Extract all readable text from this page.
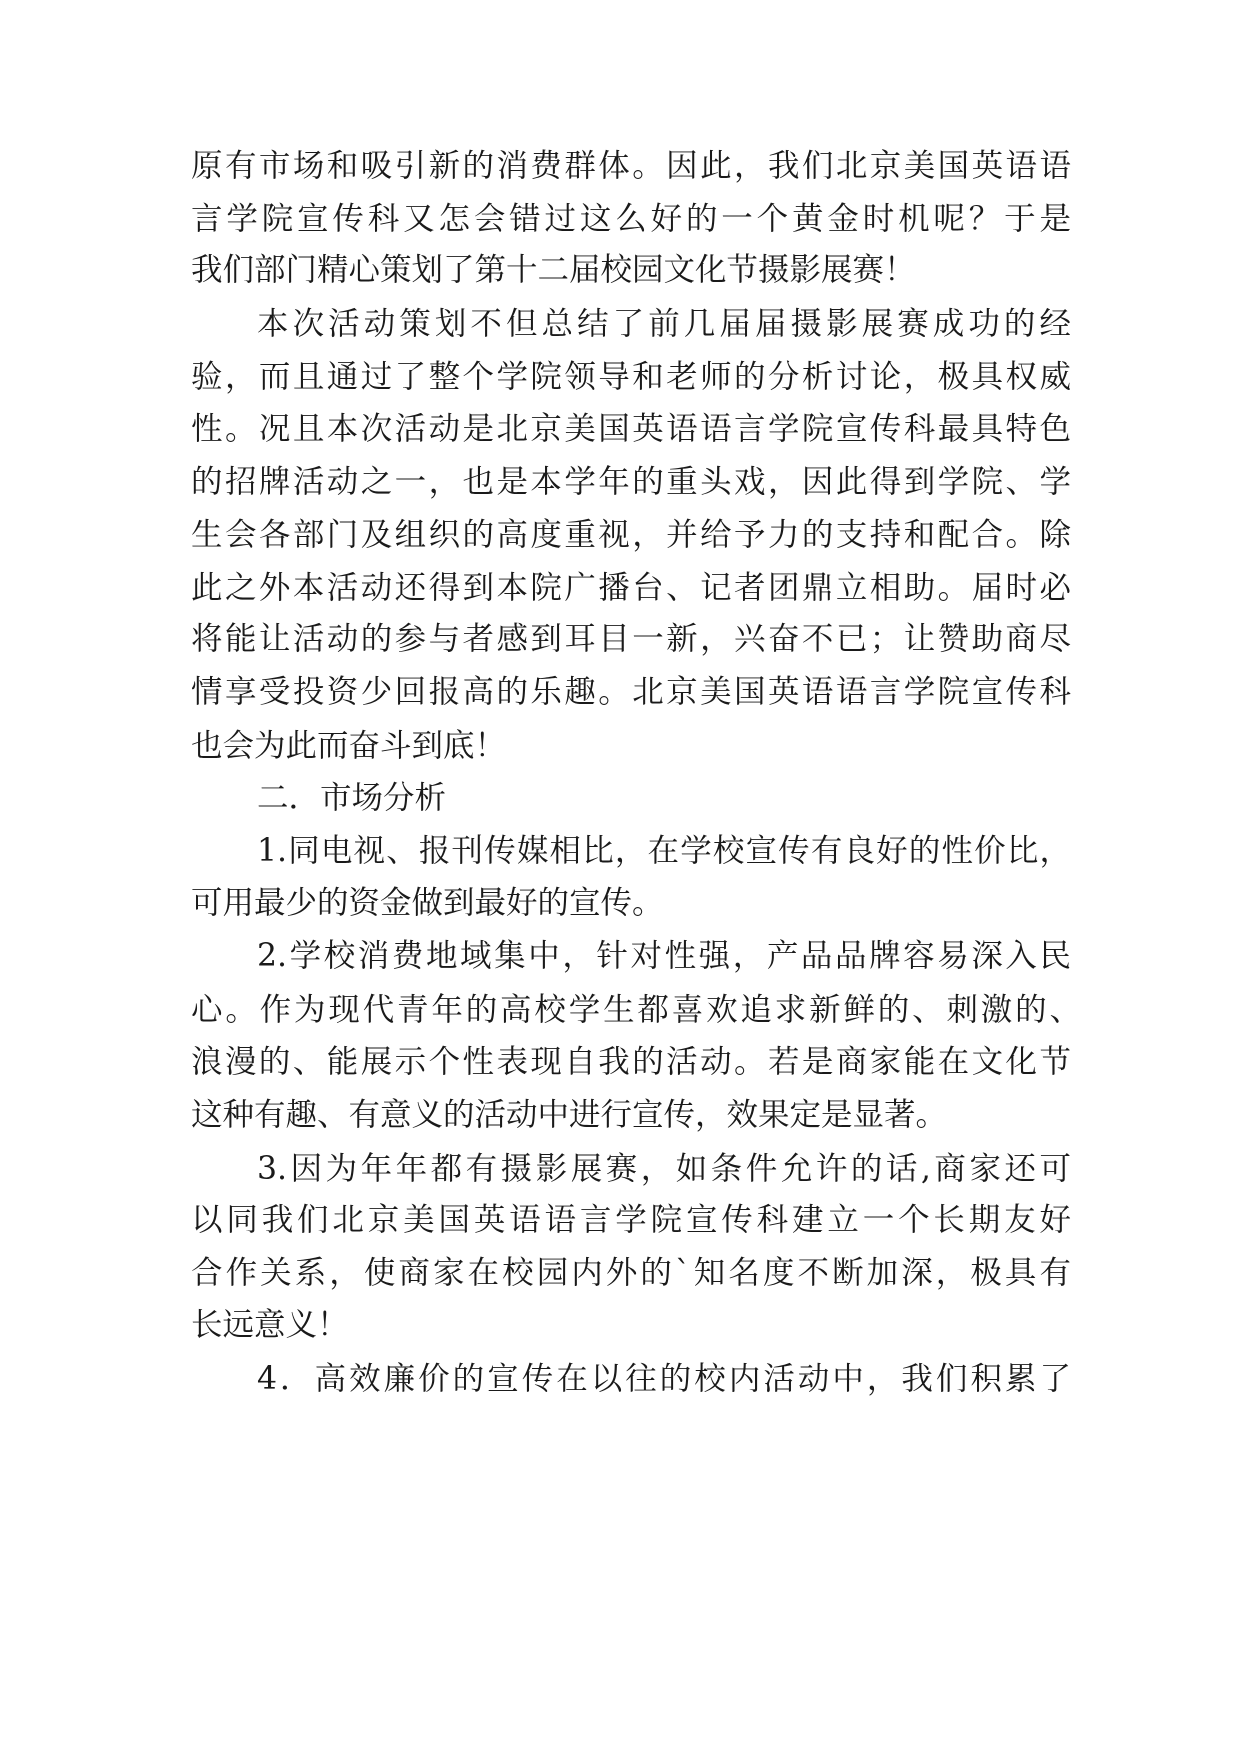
原有市场和吸引新的消费群体。因此，我们北京美国英语语

言学院宣传科又怎会错过这么好的一个黄金时机呢？于是

我们部门精心策划了第十二届校园文化节摄影展赛！

本次活动策划不但总结了前几届届摄影展赛成功的经

验，而且通过了整个学院领导和老师的分析讨论，极具权威

性。况且本次活动是北京美国英语语言学院宣传科最具特色

的招牌活动之一，也是本学年的重头戏，因此得到学院、学

生会各部门及组织的高度重视，并给予力的支持和配合。除

此之外本活动还得到本院广播台、记者团鼎立相助。届时必

将能让活动的参与者感到耳目一新，兴奋不已；让赞助商尽

情享受投资少回报高的乐趣。北京美国英语语言学院宣传科

也会为此而奋斗到底！

二．市场分析

1.同电视、报刊传媒相比，在学校宣传有良好的性价比，

可用最少的资金做到最好的宣传。

2.学校消费地域集中，针对性强，产品品牌容易深入民

心。作为现代青年的高校学生都喜欢追求新鲜的、刺激的、

浪漫的、能展示个性表现自我的活动。若是商家能在文化节

这种有趣、有意义的活动中进行宣传，效果定是显著。

3.因为年年都有摄影展赛，如条件允许的话,商家还可

以同我们北京美国英语语言学院宣传科建立一个长期友好

合作关系，使商家在校园内外的`知名度不断加深，极具有

长远意义！

4．高效廉价的宣传在以往的校内活动中，我们积累了
